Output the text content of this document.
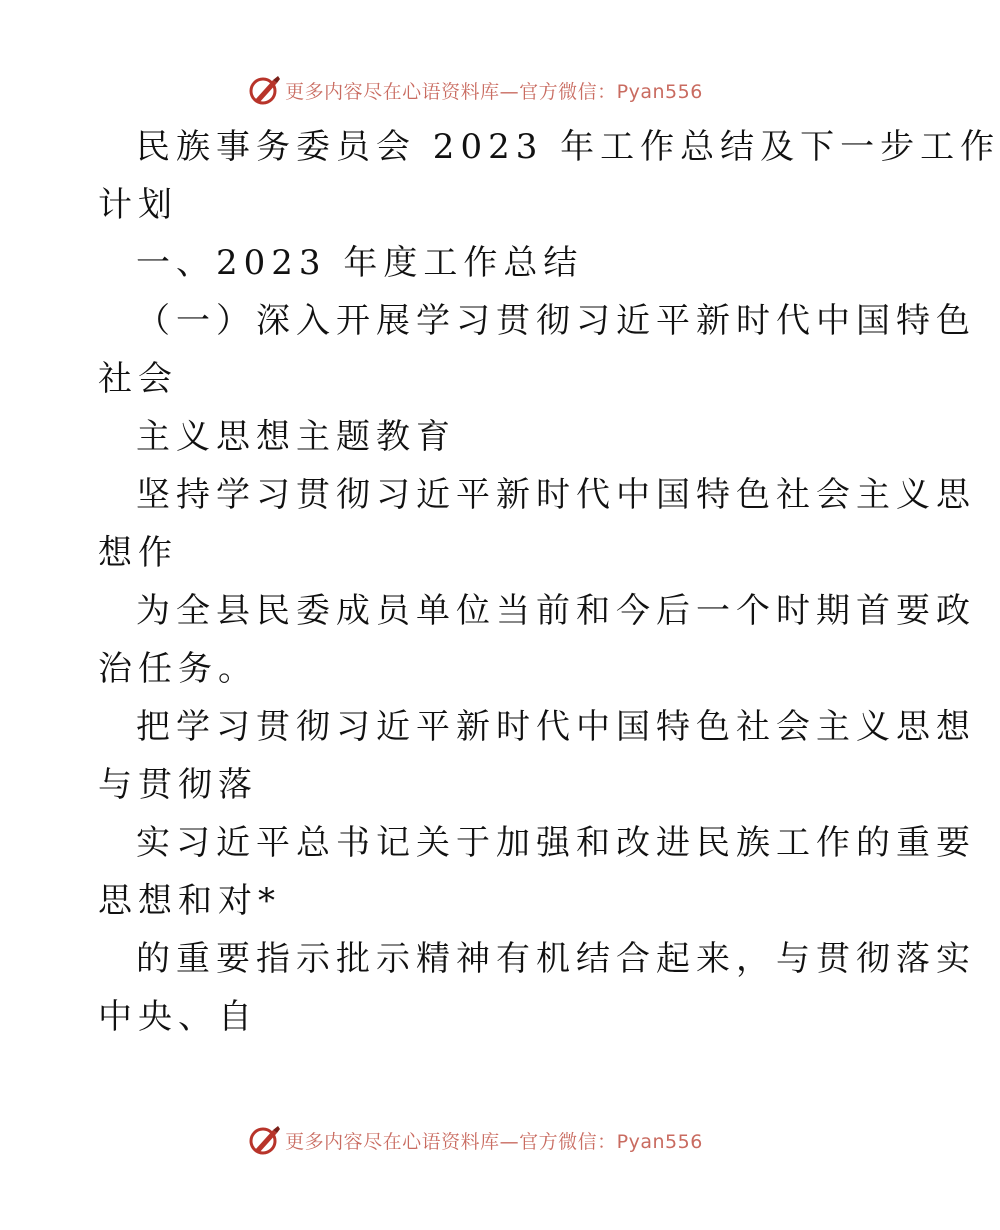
更多内容尽在心语资料库—官方微信：Pyan556
民族事务委员会 2023 年工作总结及下一步工作
计划
一、2023 年度工作总结
（一）深入开展学习贯彻习近平新时代中国特色
社会
主义思想主题教育
坚持学习贯彻习近平新时代中国特色社会主义思
想作
为全县民委成员单位当前和今后一个时期首要政
治任务。
把学习贯彻习近平新时代中国特色社会主义思想
与贯彻落
实习近平总书记关于加强和改进民族工作的重要
思想和对*
的重要指示批示精神有机结合起来，与贯彻落实
中央、自
更多内容尽在心语资料库—官方微信：Pyan556
